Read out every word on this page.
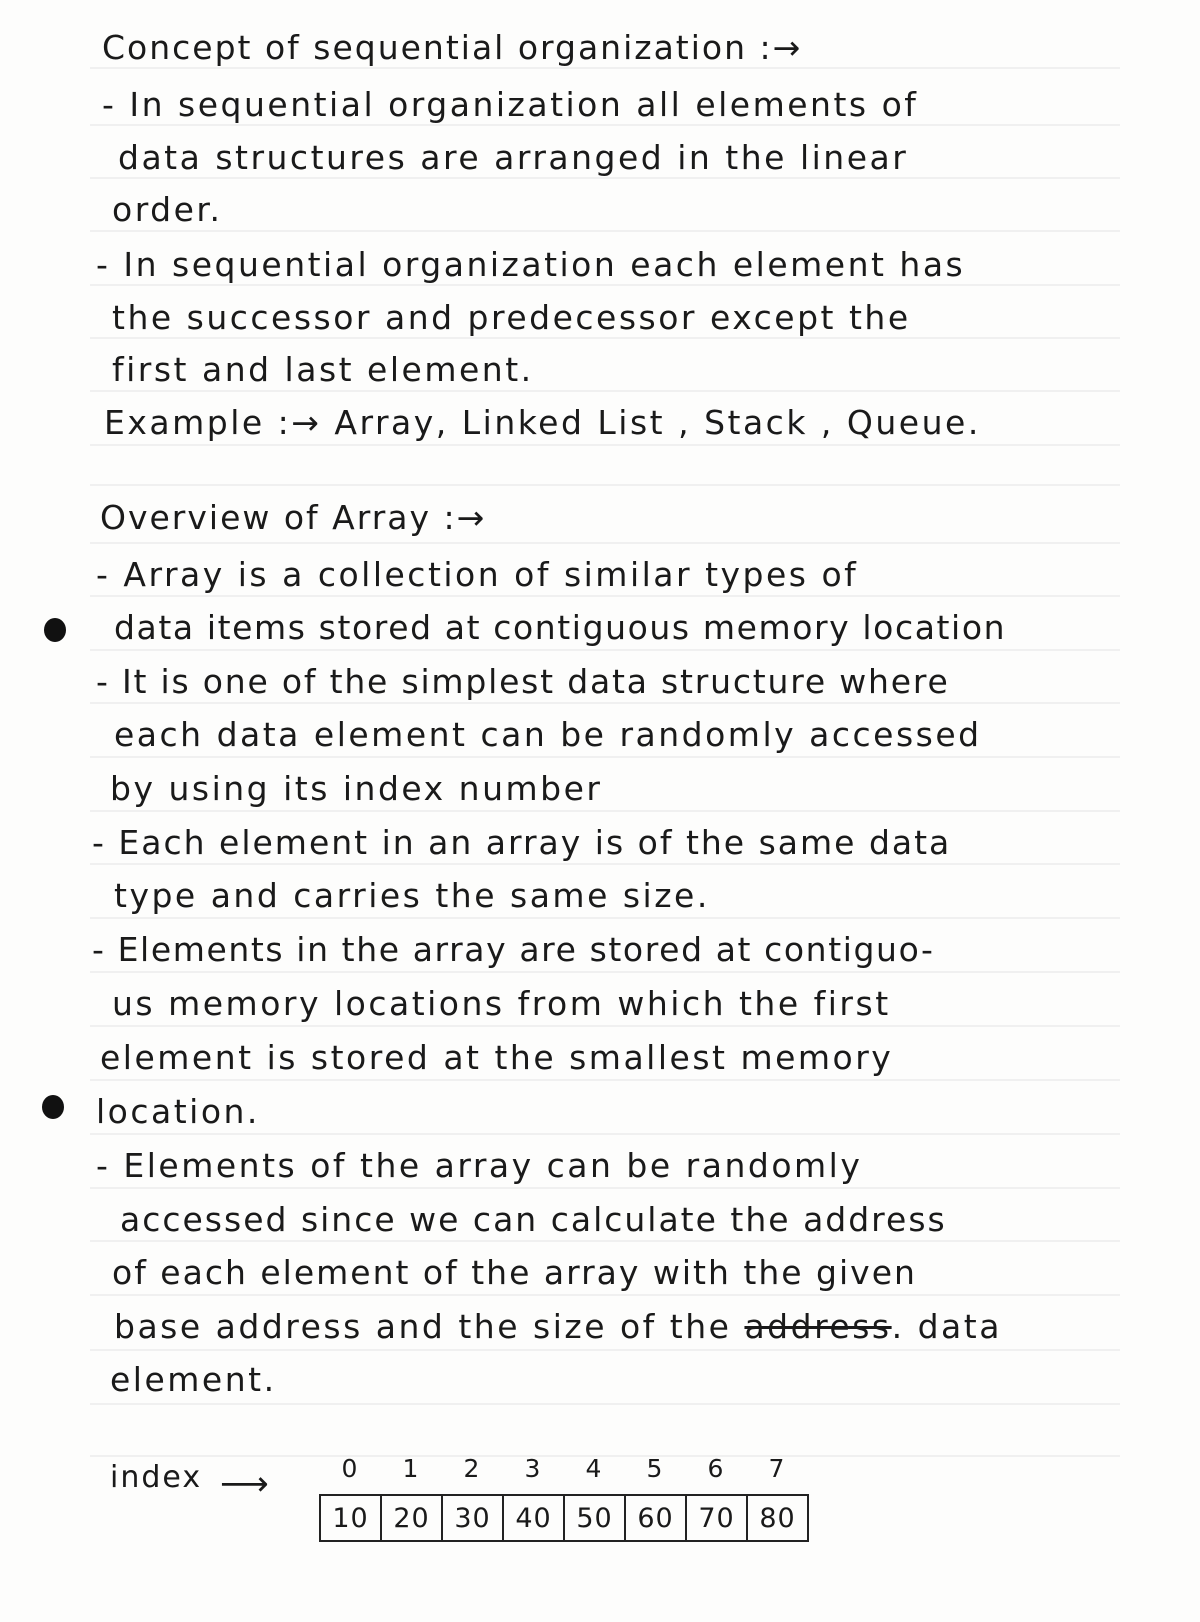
Concept of sequential organization :→
- In sequential organization all elements of
data structures are arranged in the linear
order.
- In sequential organization each element has
the successor and predecessor except the
first and last element.
Example :→ Array, Linked List , Stack , Queue.
Overview of Array :→
- Array is a collection of similar types of
data items stored at contiguous memory location
- It is one of the simplest data structure where
each data element can be randomly accessed
by using its index number
- Each element in an array is of the same data
type and carries the same size.
- Elements in the array are stored at contiguo-
us memory locations from which the first
element is stored at the smallest memory
location.
- Elements of the array can be randomly
accessed since we can calculate the address
of each element of the array with the given
base address and the size of the address. data
element.
index ⟶	0	1	2	3	4	5	6	7
10 20 30 40 50 60 70 80
